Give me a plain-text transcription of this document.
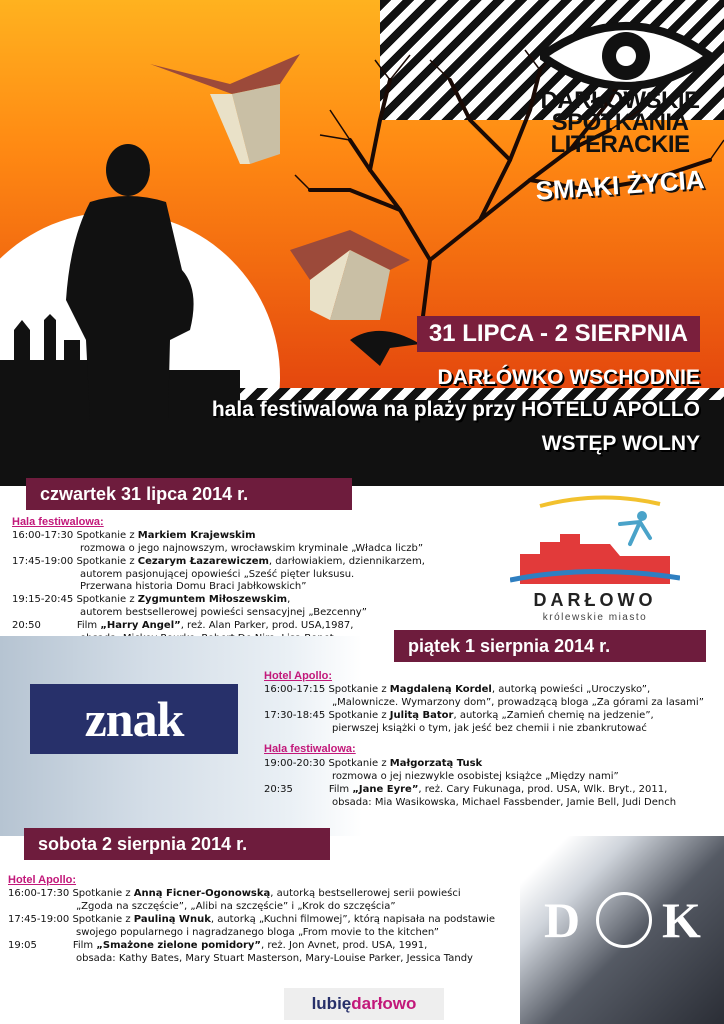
DARŁOWSKIE
SPOTKANIA
LITERACKIE
SMAKI ŻYCIA
31 LIPCA - 2 SIERPNIA
DARŁÓWKO WSCHODNIE
hala festiwalowa na plaży przy HOTELU APOLLO
WSTĘP WOLNY
czwartek 31 lipca 2014 r.
Hala festiwalowa:
16:00-17:30 Spotkanie z Markiem Krajewskim
rozmowa o jego najnowszym, wrocławskim kryminale „Władca liczb”
17:45-19:00 Spotkanie z Cezarym Łazarewiczem, darłowiakiem, dziennikarzem,
autorem pasjonującej opowieści „Sześć pięter luksusu.
Przerwana historia Domu Braci Jabłkowskich”
19:15-20:45 Spotkanie z Zygmuntem Miłoszewskim,
autorem bestsellerowej powieści sensacyjnej „Bezcenny”
20:50	Film „Harry Angel”, reż. Alan Parker, prod. USA,1987,
DARŁOWO
królewskie miasto
piątek 1 sierpnia 2014 r.
znak
Hotel Apollo:
16:00-17:15 Spotkanie z Magdaleną Kordel, autorką powieści „Uroczysko”,
„Malownicze. Wymarzony dom”, prowadzącą bloga „Za górami za lasami”
17:30-18:45 Spotkanie z Julitą Bator, autorką „Zamień chemię na jedzenie”,
pierwszej książki o tym, jak jeść bez chemii i nie zbankrutować
Hala festiwalowa:
19:00-20:30 Spotkanie z Małgorzatą Tusk
rozmowa o jej niezwykle osobistej książce „Między nami”
20:35	Film „Jane Eyre”, reż. Cary Fukunaga, prod. USA, Wlk. Bryt., 2011,
obsada: Mia Wasikowska, Michael Fassbender, Jamie Bell, Judi Dench
sobota 2 sierpnia 2014 r.
Hotel Apollo:
16:00-17:30 Spotkanie z Anną Ficner-Ogonowską, autorką bestsellerowej serii powieści
„Zgoda na szczęście”, „Alibi na szczęście” i „Krok do szczęścia”
17:45-19:00 Spotkanie z Pauliną Wnuk, autorką „Kuchni filmowej”, którą napisała na podstawie
swojego popularnego i nagradzanego bloga „From movie to the kitchen”
19:05	Film „Smażone zielone pomidory”, reż. Jon Avnet, prod. USA, 1991,
obsada: Kathy Bates, Mary Stuart Masterson, Mary-Louise Parker, Jessica Tandy
D K
lubiędarłowo
